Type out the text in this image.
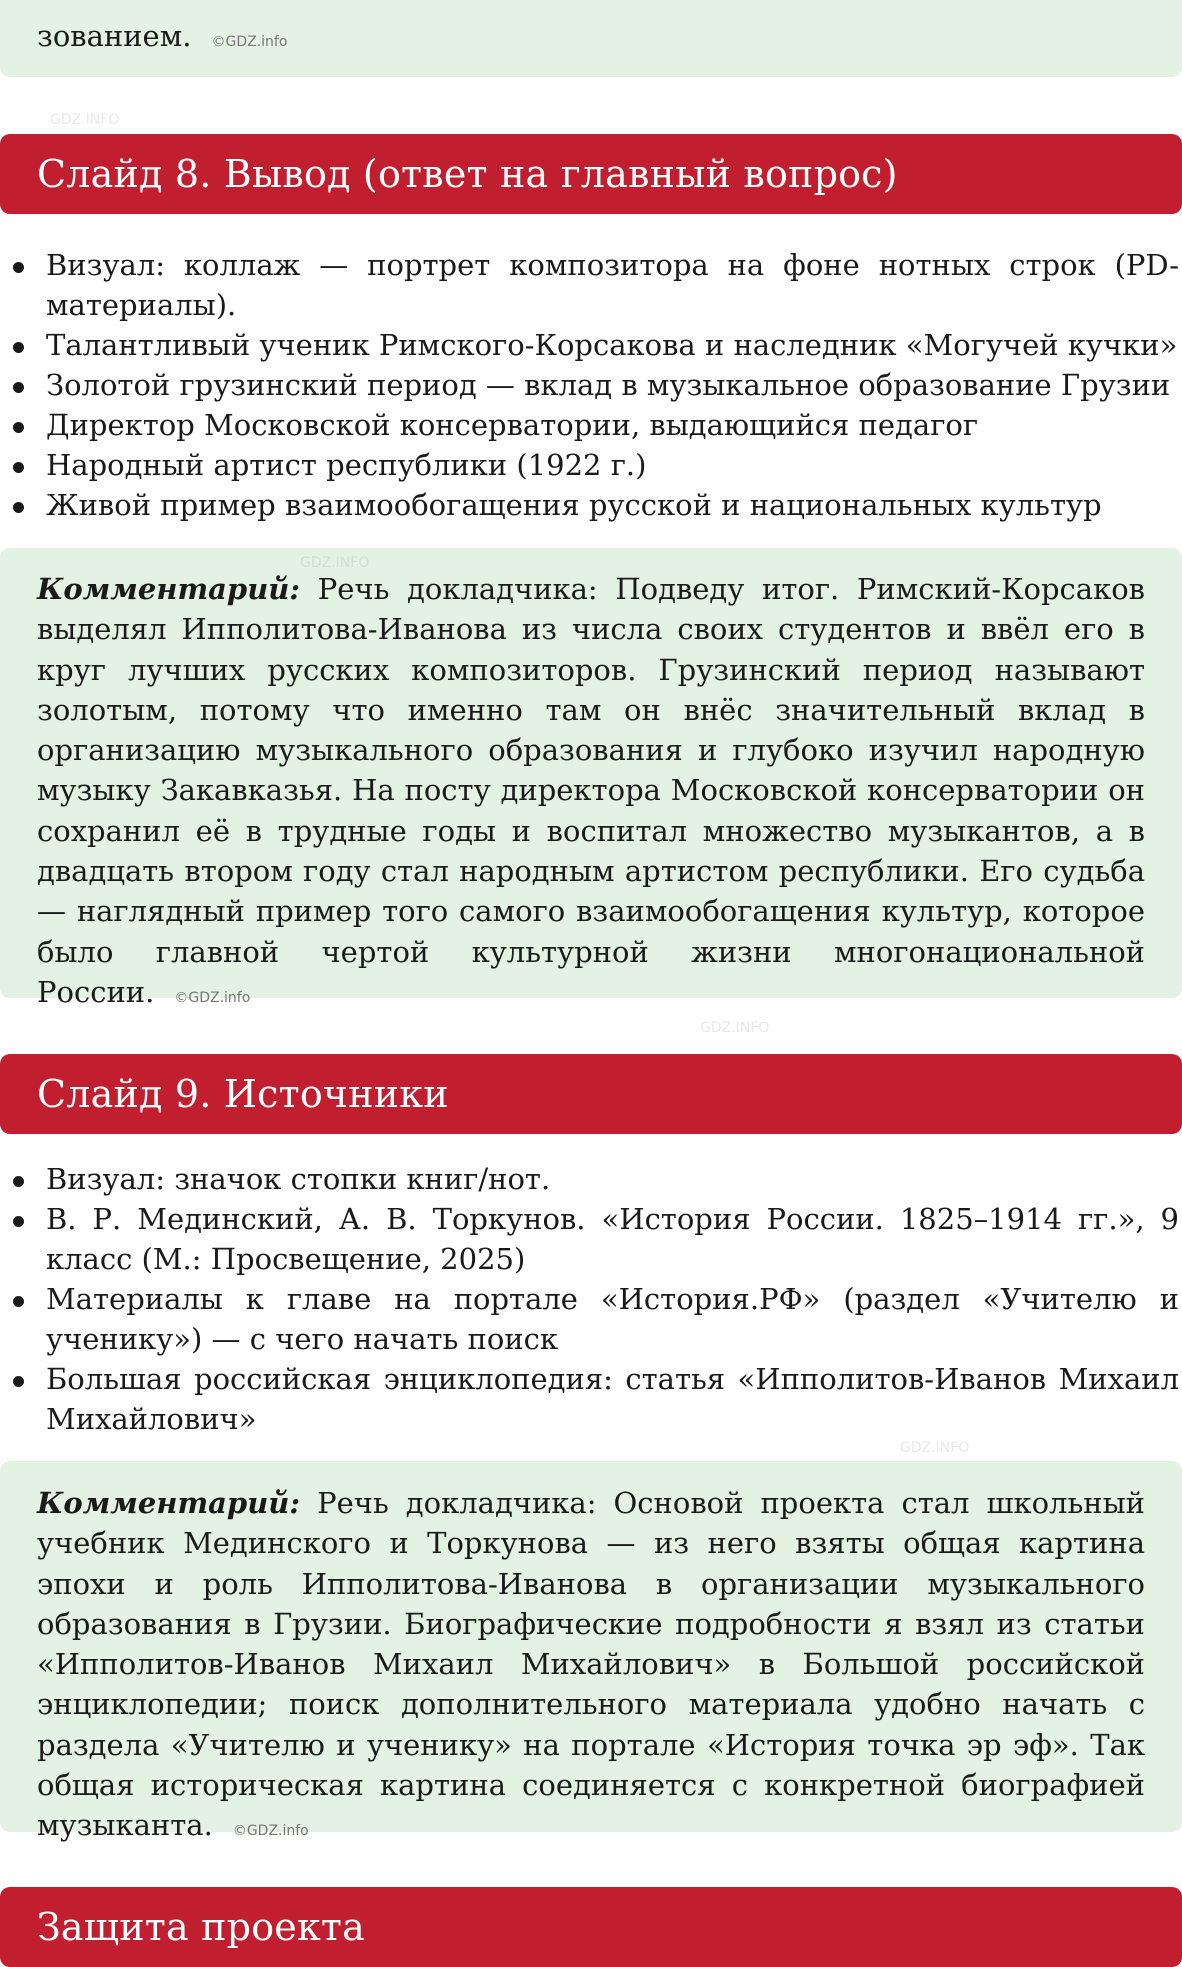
зованием. ©GDZ.info

Слайд 8. Вывод (ответ на главный вопрос)
Визуал: коллаж — портрет композитора на фоне нотных строк (PD-материалы).
Талантливый ученик Римского-Корсакова и наследник «Могучей кучки»
Золотой грузинский период — вклад в музыкальное образование Грузии
Директор Московской консерватории, выдающийся педагог
Народный артист республики (1922 г.)
Живой пример взаимообогащения русской и национальных культур

Комментарий: Речь докладчика: Подведу итог. Римский-Корсаков выделял Ипполитова-Иванова из числа своих студентов и ввёл его в круг лучших русских композиторов. Грузинский период называют золотым, потому что именно там он внёс значительный вклад в организацию музыкального образования и глубоко изучил народную музыку Закавказья. На посту директора Московской консерватории он сохранил её в трудные годы и воспитал множество музыкантов, а в двадцать втором году стал народным артистом республики. Его судьба — наглядный пример того самого взаимообогащения культур, которое было главной чертой культурной жизни многонациональной России. ©GDZ.info

Слайд 9. Источники
Визуал: значок стопки книг/нот.
В. Р. Мединский, А. В. Торкунов. «История России. 1825–1914 гг.», 9 класс (М.: Просвещение, 2025)
Материалы к главе на портале «История.РФ» (раздел «Учителю и ученику») — с чего начать поиск
Большая российская энциклопедия: статья «Ипполитов-Иванов Михаил Михайлович»

Комментарий: Речь докладчика: Основой проекта стал школьный учебник Мединского и Торкунова — из него взяты общая картина эпохи и роль Ипполитова-Иванова в организации музыкального образования в Грузии. Биографические подробности я взял из статьи «Ипполитов-Иванов Михаил Михайлович» в Большой российской энциклопедии; поиск дополнительного материала удобно начать с раздела «Учителю и ученику» на портале «История точка эр эф». Так общая историческая картина соединяется с конкретной биографией музыканта. ©GDZ.info

Защита проекта
GDZ.INFO
GDZ.INFO
GDZ.INFO
GDZ.INFO
